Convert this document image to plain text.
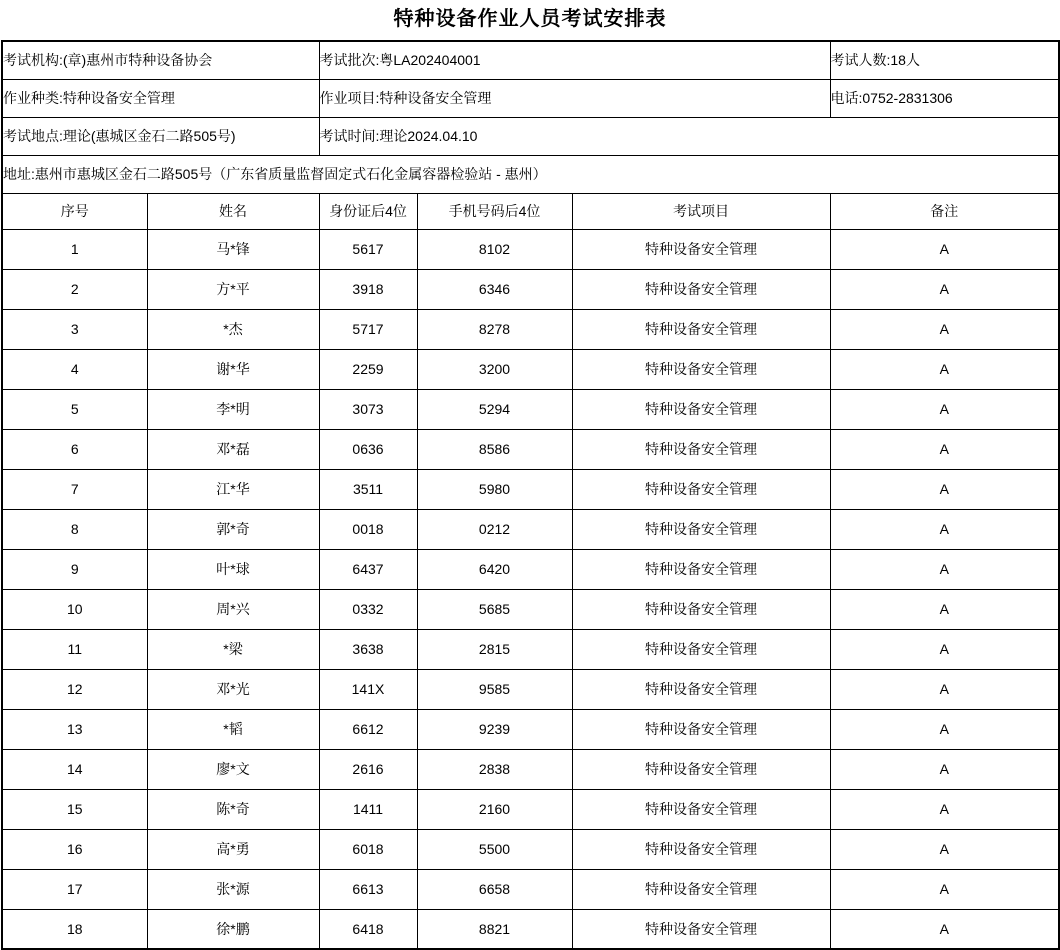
特种设备作业人员考试安排表
考试机构:(章)惠州市特种设备协会		考试批次:粤LA202404001			考试人数:18人
作业种类:特种设备安全管理		作业项目:特种设备安全管理			电话:0752-2831306
考试地点:理论(惠城区金石二路505号)		考试时间:理论2024.04.10			
地址:惠州市惠城区金石二路505号（广东省质量监督固定式石化金属容器检验站 - 惠州）					
序号	姓名	身份证后4位	手机号码后4位	考试项目	备注
1	马*锋	5617	8102	特种设备安全管理	A
2	方*平	3918	6346	特种设备安全管理	A
3	*杰	5717	8278	特种设备安全管理	A
4	谢*华	2259	3200	特种设备安全管理	A
5	李*明	3073	5294	特种设备安全管理	A
6	邓*磊	0636	8586	特种设备安全管理	A
7	江*华	3511	5980	特种设备安全管理	A
8	郭*奇	0018	0212	特种设备安全管理	A
9	叶*球	6437	6420	特种设备安全管理	A
10	周*兴	0332	5685	特种设备安全管理	A
11	*梁	3638	2815	特种设备安全管理	A
12	邓*光	141X	9585	特种设备安全管理	A
13	*韬	6612	9239	特种设备安全管理	A
14	廖*文	2616	2838	特种设备安全管理	A
15	陈*奇	1411	2160	特种设备安全管理	A
16	高*勇	6018	5500	特种设备安全管理	A
17	张*源	6613	6658	特种设备安全管理	A
18	徐*鹏	6418	8821	特种设备安全管理	A
